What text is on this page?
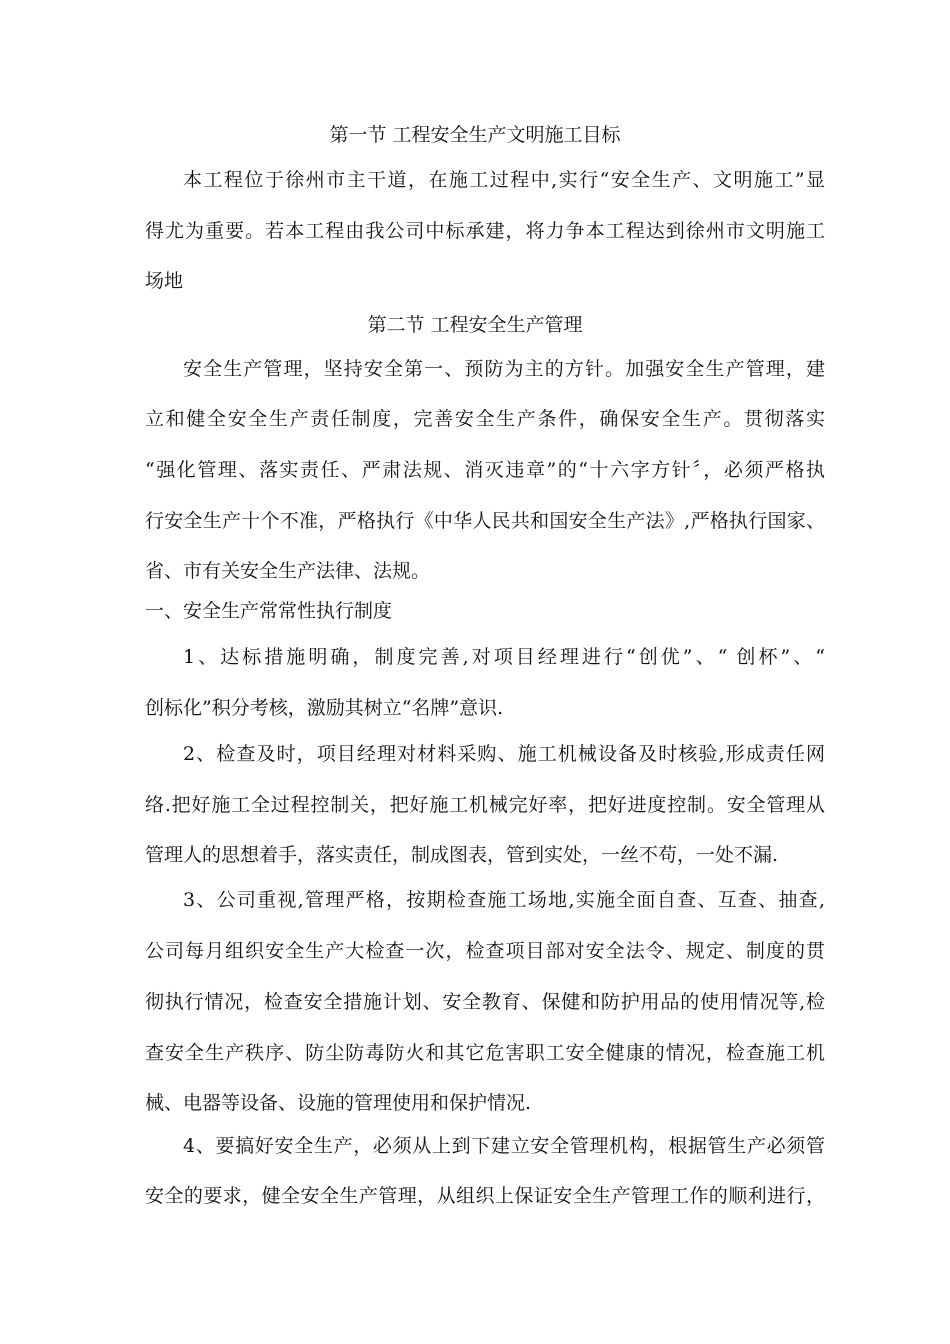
第一节 工程安全生产文明施工目标
本工程位于徐州市主干道，在施工过程中,实行“安全生产、文明施工”显
得尤为重要。若本工程由我公司中标承建，将力争本工程达到徐州市文明施工
场地
第二节 工程安全生产管理
安全生产管理，坚持安全第一、预防为主的方针。加强安全生产管理，建
立和健全安全生产责任制度，完善安全生产条件，确保安全生产。贯彻落实
“强化管理、落实责任、严肃法规、消灭违章”的“十六字方针〞，必须严格执
行安全生产十个不准，严格执行《中华人民共和国安全生产法》,严格执行国家、
省、市有关安全生产法律、法规。
一、安全生产常常性执行制度
1、达标措施明确，制度完善,对项目经理进行“创优”、“ 创杯”、“
创标化”积分考核，激励其树立“名牌”意识.
2、检查及时，项目经理对材料采购、施工机械设备及时核验,形成责任网
络.把好施工全过程控制关，把好施工机械完好率，把好进度控制。安全管理从
管理人的思想着手，落实责任，制成图表，管到实处，一丝不苟，一处不漏.
3、公司重视,管理严格，按期检查施工场地,实施全面自查、互查、抽查,
公司每月组织安全生产大检查一次，检查项目部对安全法令、规定、制度的贯
彻执行情况，检查安全措施计划、安全教育、保健和防护用品的使用情况等,检
查安全生产秩序、防尘防毒防火和其它危害职工安全健康的情况，检查施工机
械、电器等设备、设施的管理使用和保护情况.
4、要搞好安全生产，必须从上到下建立安全管理机构，根据管生产必须管
安全的要求，健全安全生产管理，从组织上保证安全生产管理工作的顺利进行，
